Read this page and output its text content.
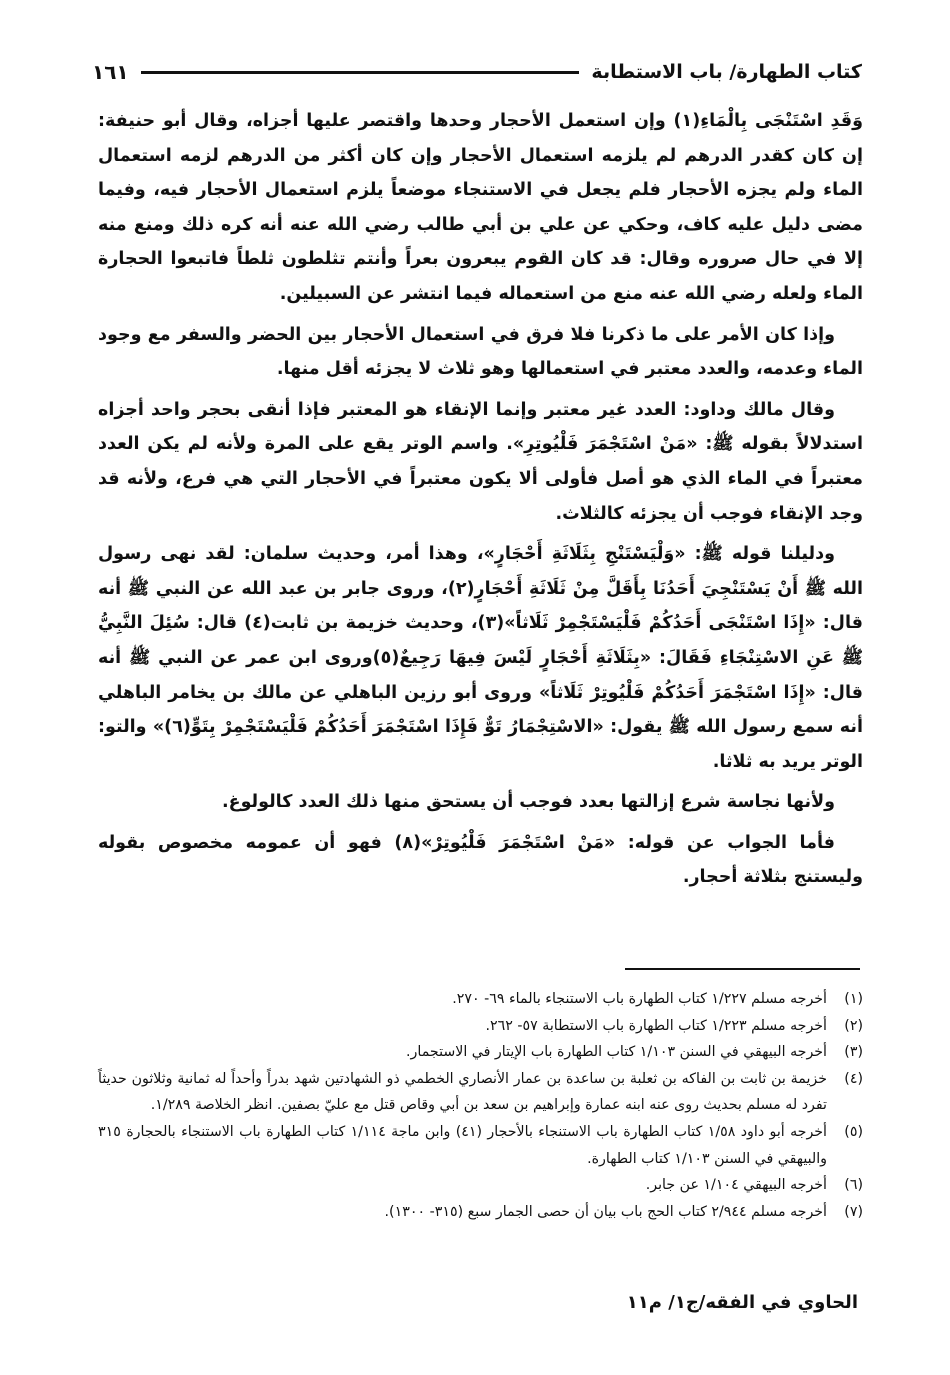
كتاب الطهارة/ باب الاستطابة
١٦١

وَقَدِ اسْتَنْجَى بِالْمَاءِ(١) وإن استعمل الأحجار وحدها واقتصر عليها أجزاه، وقال أبو حنيفة: إن كان كقدر الدرهم لم يلزمه استعمال الأحجار وإن كان أكثر من الدرهم لزمه استعمال الماء ولم يجزه الأحجار فلم يجعل في الاستنجاء موضعاً يلزم استعمال الأحجار فيه، وفيما مضى دليل عليه كاف، وحكي عن علي بن أبي طالب رضي الله عنه أنه كره ذلك ومنع منه إلا في حال صروره وقال: قد كان القوم يبعرون بعراً وأنتم تثلطون ثلطاً فاتبعوا الحجارة الماء ولعله رضي الله عنه منع من استعماله فيما انتشر عن السبيلين.

وإذا كان الأمر على ما ذكرنا فلا فرق في استعمال الأحجار بين الحضر والسفر مع وجود الماء وعدمه، والعدد معتبر في استعمالها وهو ثلاث لا يجزئه أقل منها.

وقال مالك وداود: العدد غير معتبر وإنما الإنقاء هو المعتبر فإذا أنقى بحجر واحد أجزاه استدلالاً بقوله ﷺ: «مَنْ اسْتَجْمَرَ فَلْيُوتِرِ». واسم الوتر يقع على المرة ولأنه لم يكن العدد معتبراً في الماء الذي هو أصل فأولى ألا يكون معتبراً في الأحجار التي هي فرع، ولأنه قد وجد الإنقاء فوجب أن يجزئه كالثلاث.

ودليلنا قوله ﷺ: «وَلْيَسْتَنْجِ بِثَلَاثَةِ أَحْجَارٍ»، وهذا أمر، وحديث سلمان: لقد نهى رسول الله ﷺ أَنْ يَسْتَنْجِيَ أَحَدُنَا بِأَقَلَّ مِنْ ثَلَاثَةِ أَحْجَارٍ(٢)، وروى جابر بن عبد الله عن النبي ﷺ أنه قال: «إِذَا اسْتَنْجَى أَحَدُكُمْ فَلْيَسْتَجْمِرْ ثَلَاثاً»(٣)، وحديث خزيمة بن ثابت(٤) قال: سُئِلَ النَّبِيُّ ﷺ عَنِ الاسْتِنْجَاءِ فَقَالَ: «بِثَلَاثَةِ أَحْجَارٍ لَيْسَ فِيهَا رَجِيعٌ(٥)وروى ابن عمر عن النبي ﷺ أنه قال: «إِذَا اسْتَجْمَرَ أَحَدُكُمْ فَلْيُوتِرْ ثَلَاثاً» وروى أبو رزين الباهلي عن مالك بن يخامر الباهلي أنه سمع رسول الله ﷺ يقول: «الاسْتِجْمَارُ تَوٌّ فَإِذَا اسْتَجْمَرَ أَحَدُكُمْ فَلْيَسْتَجْمِرْ بِتَوٍّ(٦)» والتو: الوتر يريد به ثلاثا.

ولأنها نجاسة شرع إزالتها بعدد فوجب أن يستحق منها ذلك العدد كالولوغ.

فأما الجواب عن قوله: «مَنْ اسْتَجْمَرَ فَلْيُوتِرْ»(٨) فهو أن عمومه مخصوص بقوله وليستنج بثلاثة أحجار.

(١)
أخرجه مسلم ١/٢٢٧ كتاب الطهارة باب الاستنجاء بالماء ٦٩- ٢٧٠.
(٢)
أخرجه مسلم ١/٢٢٣ كتاب الطهارة باب الاستطابة ٥٧- ٢٦٢.
(٣)
أخرجه البيهقي في السنن ١/١٠٣ كتاب الطهارة باب الإيتار في الاستجمار.
(٤)
خزيمة بن ثابت بن الفاكه بن ثعلبة بن ساعدة بن عمار الأنصاري الخطمي ذو الشهادتين شهد بدراً وأحداً له ثمانية وثلاثون حديثاً تفرد له مسلم بحديث روى عنه ابنه عمارة وإبراهيم بن سعد بن أبي وقاص قتل مع عليّ بصفين. انظر الخلاصة ١/٢٨٩.
(٥)
أخرجه أبو داود ١/٥٨ كتاب الطهارة باب الاستنجاء بالأحجار (٤١) وابن ماجة ١/١١٤ كتاب الطهارة باب الاستنجاء بالحجارة ٣١٥ والبيهقي في السنن ١/١٠٣ كتاب الطهارة.
(٦)
أخرجه البيهقي ١/١٠٤ عن جابر.
(٧)
أخرجه مسلم ٢/٩٤٤ كتاب الحج باب بيان أن حصى الجمار سبع (٣١٥- ١٣٠٠).
الحاوي في الفقه/ج١/ م١١
